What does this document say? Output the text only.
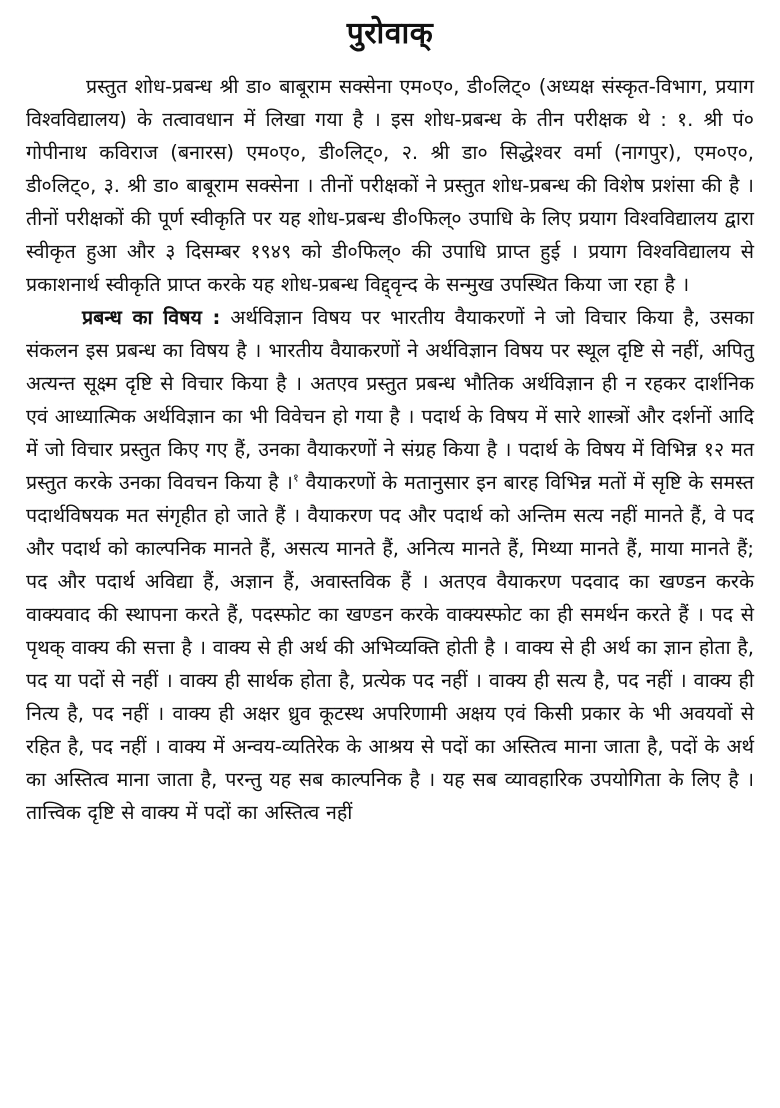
पुरोवाक्

प्रस्तुत शोध-प्रबन्ध श्री डा० बाबूराम सक्सेना एम०ए०, डी०लिट्० (अध्यक्ष संस्कृत-विभाग, प्रयाग विश्वविद्यालय) के तत्वावधान में लिखा गया है । इस शोध-प्रबन्ध के तीन परीक्षक थे : १. श्री पं० गोपीनाथ कविराज (बनारस) एम०ए०, डी०लिट्०, २. श्री डा० सिद्धेश्वर वर्मा (नागपुर), एम०ए०, डी०लिट्०, ३. श्री डा० बाबूराम सक्सेना । तीनों परीक्षकों ने प्रस्तुत शोध-प्रबन्ध की विशेष प्रशंसा की है । तीनों परीक्षकों की पूर्ण स्वीकृति पर यह शोध-प्रबन्ध डी०फिल्० उपाधि के लिए प्रयाग विश्वविद्यालय द्वारा स्वीकृत हुआ और ३ दिसम्बर १९४९ को डी०फिल्० की उपाधि प्राप्त हुई । प्रयाग विश्वविद्यालय से प्रकाशनार्थ स्वीकृति प्राप्त करके यह शोध-प्रबन्ध विद्द्वृन्द के सन्मुख उपस्थित किया जा रहा है ।

प्रबन्ध का विषय : अर्थविज्ञान विषय पर भारतीय वैयाकरणों ने जो विचार किया है, उसका संकलन इस प्रबन्ध का विषय है । भारतीय वैयाकरणों ने अर्थविज्ञान विषय पर स्थूल दृष्टि से नहीं, अपितु अत्यन्त सूक्ष्म दृष्टि से विचार किया है । अतएव प्रस्तुत प्रबन्ध भौतिक अर्थविज्ञान ही न रहकर दार्शनिक एवं आध्यात्मिक अर्थविज्ञान का भी विवेचन हो गया है । पदार्थ के विषय में सारे शास्त्रों और दर्शनों आदि में जो विचार प्रस्तुत किए गए हैं, उनका वैयाकरणों ने संग्रह किया है । पदार्थ के विषय में विभिन्न १२ मत प्रस्तुत करके उनका विवचन किया है ।$^१$ वैयाकरणों के मतानुसार इन बारह विभिन्न मतों में सृष्टि के समस्त पदार्थविषयक मत संगृहीत हो जाते हैं । वैयाकरण पद और पदार्थ को अन्तिम सत्य नहीं मानते हैं, वे पद और पदार्थ को काल्पनिक मानते हैं, असत्य मानते हैं, अनित्य मानते हैं, मिथ्या मानते हैं, माया मानते हैं; पद और पदार्थ अविद्या हैं, अज्ञान हैं, अवास्तविक हैं । अतएव वैयाकरण पदवाद का खण्डन करके वाक्यवाद की स्थापना करते हैं, पदस्फोट का खण्डन करके वाक्यस्फोट का ही समर्थन करते हैं । पद से पृथक् वाक्य की सत्ता है । वाक्य से ही अर्थ की अभिव्यक्ति होती है । वाक्य से ही अर्थ का ज्ञान होता है, पद या पदों से नहीं । वाक्य ही सार्थक होता है, प्रत्येक पद नहीं । वाक्य ही सत्य है, पद नहीं । वाक्य ही नित्य है, पद नहीं । वाक्य ही अक्षर ध्रुव कूटस्थ अपरिणामी अक्षय एवं किसी प्रकार के भी अवयवों से रहित है, पद नहीं । वाक्य में अन्वय-व्यतिरेक के आश्रय से पदों का अस्तित्व माना जाता है, पदों के अर्थ का अस्तित्व माना जाता है, परन्तु यह सब काल्पनिक है । यह सब व्यावहारिक उपयोगिता के लिए है । तात्त्विक दृष्टि से वाक्य में पदों का अस्तित्व नहीं
